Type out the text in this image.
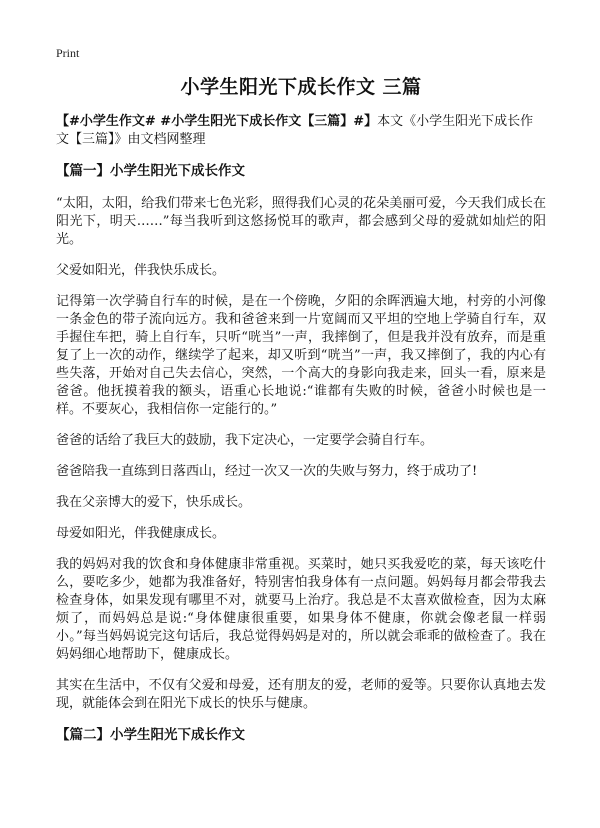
Print
小学生阳光下成长作文 三篇
【#小学生作文# #小学生阳光下成长作文【三篇】#】本文《小学生阳光下成长作文【三篇】》由文档网整理
【篇一】小学生阳光下成长作文
“太阳，太阳，给我们带来七色光彩，照得我们心灵的花朵美丽可爱，今天我们成长在阳光下，明天……”每当我听到这悠扬悦耳的歌声，都会感到父母的爱就如灿烂的阳光。
父爱如阳光，伴我快乐成长。
记得第一次学骑自行车的时候，是在一个傍晚，夕阳的余晖洒遍大地，村旁的小河像一条金色的带子流向远方。我和爸爸来到一片宽阔而又平坦的空地上学骑自行车，双手握住车把，骑上自行车，只听“咣当”一声，我摔倒了，但是我并没有放弃，而是重复了上一次的动作，继续学了起来，却又听到“咣当”一声，我又摔倒了，我的内心有些失落，开始对自己失去信心，突然，一个高大的身影向我走来，回头一看，原来是爸爸。他抚摸着我的额头，语重心长地说:“谁都有失败的时候，爸爸小时候也是一样。不要灰心，我相信你一定能行的。”
爸爸的话给了我巨大的鼓励，我下定决心，一定要学会骑自行车。
爸爸陪我一直练到日落西山，经过一次又一次的失败与努力，终于成功了!
我在父亲博大的爱下，快乐成长。
母爱如阳光，伴我健康成长。
我的妈妈对我的饮食和身体健康非常重视。买菜时，她只买我爱吃的菜，每天该吃什么，要吃多少，她都为我准备好，特别害怕我身体有一点问题。妈妈每月都会带我去检查身体，如果发现有哪里不对，就要马上治疗。我总是不太喜欢做检查，因为太麻烦了，而妈妈总是说:“身体健康很重要，如果身体不健康，你就会像老鼠一样弱小。”每当妈妈说完这句话后，我总觉得妈妈是对的，所以就会乖乖的做检查了。我在妈妈细心地帮助下，健康成长。
其实在生活中，不仅有父爱和母爱，还有朋友的爱，老师的爱等。只要你认真地去发现，就能体会到在阳光下成长的快乐与健康。
【篇二】小学生阳光下成长作文
